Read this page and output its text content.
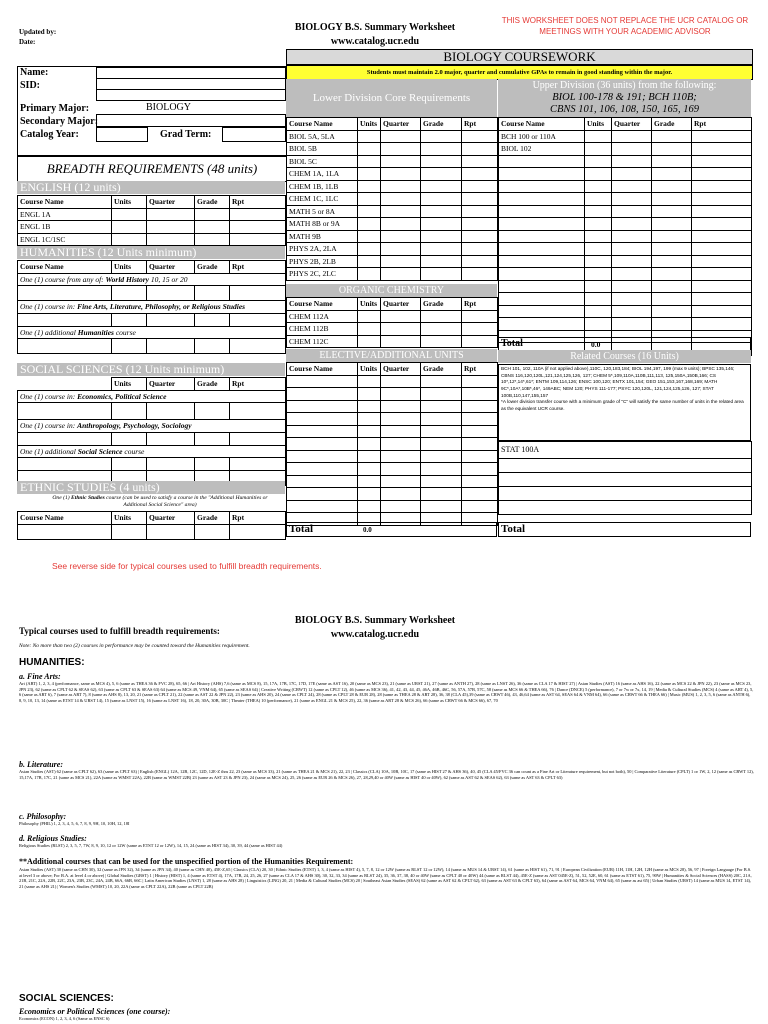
Updated by:
Date:
BIOLOGY B.S. Summary Worksheet
www.catalog.ucr.edu
THIS WORKSHEET DOES NOT REPLACE THE UCR CATALOG OR MEETINGS WITH YOUR ACADEMIC ADVISOR
BIOLOGY COURSEWORK
Students must maintain 2.0 major, quarter and cumulative GPAs to remain in good standing within the major.
Name:
SID:
Primary Major:	BIOLOGY
Secondary Major:
Catalog Year:	Grad Term:
BREADTH REQUIREMENTS (48 units)
ENGLISH (12 units)
Course Name	Units	Quarter	Grade	Rpt
ENGL 1A				
ENGL 1B				
ENGL 1C/1SC				
HUMANITIES (12 Units minimum)
Course Name	Units	Quarter	Grade	Rpt
One (1) course from any of: World History 10, 15 or 20				

One (1) course in: Fine Arts, Literature, Philosophy, or Religious Studies				

One (1) additional Humanities course				

SOCIAL SCIENCES (12 Units minimum)
	Units	Quarter	Grade	Rpt
One (1) course in: Economics, Political Science				

One (1) course in: Anthropology, Psychology, Sociology				

One (1) additional Social Science course				

ETHNIC STUDIES (4 units)
One (1) Ethnic Studies course (can be used to satisfy a course in the "Additional Humanities or Additional Social Science" area)
Course Name	Units	Quarter	Grade	Rpt

Lower Division Core Requirements
Course Name	Units	Quarter	Grade	Rpt
BIOL 5A, 5LA				
BIOL 5B				
BIOL 5C				
CHEM 1A, 1LA				
CHEM 1B, 1LB				
CHEM 1C, 1LC				
MATH 5 or 8A				
MATH 8B or 9A				
MATH 9B				
PHYS 2A, 2LA				
PHYS 2B, 2LB				
PHYS 2C, 2LC				
ORGANIC CHEMISTRY
Course Name	Units	Quarter	Grade	Rpt
CHEM 112A				
CHEM 112B				
CHEM 112C				
ELECTIVE/ADDITIONAL UNITS
Course Name	Units	Quarter	Grade	Rpt

Total	0.0
Upper Division (36 units) from the following:
BIOL 100-178 & 191; BCH 110B;
CBNS 101, 106, 108, 150, 165, 169
Course Name	Units	Quarter	Grade	Rpt
BCH 100 or 110A				
BIOL 102				

Total	0.0
Related Courses (16 Units)
BCH 101, 102, 110A (if not applied above),110C, 120,183,184; BIOL 194,197, 199 (max 9 units); BPSC 135,146; CBNS 116,120,120L,121,124,125,126, 127; CHEM 5*,109,110A,110B,111,113, 125,150A,150B,166; CS 10*,12*,14*,61*; ENTM 109,114,126; ENSC 100,120; ENTX 101,154; GEO 151,153,167,168,169; MATH 9C*,10A*,10B*,46*, 149ABC; NEM 120; PHYS 111-177; PSYC 120,120L, 121,124,125,126, 127; STAT 100B,110,147,155,157
*A lower division transfer course with a minimum grade of "C" will satisfy the same number of units in the related area as the equivalent UCR course.
STAT 100A

Total
See reverse side for typical courses used to fulfill breadth requirements.
BIOLOGY B.S. Summary Worksheet
www.catalog.ucr.edu
Typical courses used to fulfill breadth requirements:
Note: No more than two (2) courses in performance may be counted toward the Humanities requirement.
HUMANITIES:
a. Fine Arts:
Art (ART) 1, 2, 3, 4 (performance, same as MCS 4), 5, 6 (same as THEA 36 & FVC 28), 65, 66 | Art History (AHS) 7,6 (same as MCS 8), 15, 17A, 17B, 17C, 17D, 17E (same as AST 16), 20 (same as MCS 23), 21 (same as URST 21), 27 (same as ANTH 27), 28 (same as LNST 26), 36 (same as CLA 17 & HIST 27) | Asian Studies (AST) 16 (same as AHS 16), 22 (same as MCS 22 & JPN 22), 23 (same as MCS 23, JPN 23), 62 (same as CPLT 62 & SEAS 62), 63 (same as CPLT 63 & SEAS 63) 64 (same as MCS 49, VNM 64), 65 (same as SEAS 64) | Creative Writing (CRWT) 12 (same as CPLT 12), 46 (same as MCS 36), 41, 42, 43, 44, 45, 46A, 46B, 46C, 56, 57A, 57B, 57C, 58 (same as MCS 66 & THEA 66), 76 | Dance (DNCE) 5 (performance), 7 or 7w or 7x, 14, 19 | Media & Cultural Studies (MCS) 4 (same as ART 4), 5, 6 (same as ART 6), 7 (same as ART 7), 8 (same as AHS 8), 13, 20, 21 (same as CPLT 21), 22 (same as AST 22 & JPN 22), 23 (same as AHS 20), 24 (same as CPLT 24), 28 (same as CPLT 28 & EUR 28), 28 (same as THEA 28 & ART 28), 36, 38 (CLA 45),39 (same as CRWT 46), 43, 46,64 (same as AST 64, SEAS 64 & VNM 64), 66 (same as CRWT 66 & THEA 66) | Music (MUS) 1, 2, 3, 5, 6 (same as ANTH 6), 8, 9, 10, 13, 14 (same as ETST 14 & URST 14), 15 (same as LNST 15), 16 (same as LNST 16), 18, 20, 30A, 30B, 30C | Theater (THEA) 10 (performance), 21 (same as ENGL 21 & MCS 25), 22, 36 (same as ART 28 & MCS 26), 66 (same as CRWT 66 & MCS 66), 67, 70
b. Literature:
Asian Studies (AST) 62 (same as CPLT 62), 63 (same as CPLT 63) | English (ENGL) 12A, 12B, 12C, 12D, 12E-Z thru 22, 23 (same as MCS 33), 21 (same as THEA 21 & MCS 21), 22, 23 | Classics (CLA) 10A, 10B, 10C, 17 (same as HIST 27 & AHS 36), 40, 45 (CLA 45/FVC 36 can count as a Fine Art or Literature requirement, but not both), 50 | Comparative Literature (CPLT) 1 or 1W, 2, 12 (same as CRWT 12), 15,17A, 17B, 17C, 21 (same as MCS 21), 22A (same as WMST 22A), 22B (same as WMST 22B) 23 (same as AST 23 & JPN 23), 24 (same as MCS 24), 25, 26 (same as EUR 26 & MCS 26), 27, 28,29,40 or 40W (same as HIST 40 or 40W), 62 (same as AST 62 & SEAS 62), 63 (same as AST 63 & CPLT 63)
c. Philosophy:
Philosophy (PHIL) 1, 2, 3, 4, 5, 6, 7, 8, 9, 9H, 10, 10H, 12, 18I
d. Religious Studies:
Religious Studies (RLST) 2, 3, 5, 7, 7W, 8, 9, 10, 12 or 12W (same as ETST 12 or 12W), 14, 15, 24 (same as HIST 34), 30, 39, 44 (same as HIST 44)
**Additional courses that can be used for the unspecified portion of the Humanities Requirement:
Asian Studies (AST) 30 (same as CHN 30), 32 (same as JPN 32), 34 (same as JPN 34), 40 (same as CHN 40), 45E-Z,65 | Classics (CLA) 20, 30 | Ethnic Studies (ETST) 1, 3, 4 (same as HIST 4), 5, 7, 8, 12 or 12W (same as RLST 12 or 12W), 14 (same as MUS 14 & URST 14), 61 (same as HIST 61), 71, 91 | European Civilization (EUR) 11H, 11H, 12H, 12H (same as MCS 28), 56, 97 | Foreign Language (For B.S. at level 3 or above; For B.A. at level 4 or above) | Global Studies (GBST) 1 | History (HIST) 1, 4 (same as ETST 4), 17A, 17B, 24, 25, 26, 27 (same as CLA 17 & AHS 30), 30, 32, 33, 34 (same as RLST 24), 35, 36, 37, 38, 40 or 40W (same as CPLT 40 or 40W) 44 (same as RLST 44), 45E-Z (same as AST 045E-Z), 51, 52, 52E, 60, 61 (same as ETST 61), 75, 90W | Humanities & Social Sciences (HASS) 20C, 21A, 21B, 21C, 22A, 22B, 22C, 23A, 23B, 23C, 24A, 24B, 66A, 66B, 66C | Latin American Studies (LNST) 1, 28 (same as AHS 28) | Linguistics (LING) 20, 21 | Media & Cultural Studies (MCS) 20 | Southeast Asian Studies (SEAS) 62 (same as AST 62 & CPLT 62), 63 (same as AST 63 & CPLT 63), 64 (same as AST 64, MCS 64, VNM 64), 65 (same as ast 65) | Urban Studies (URST) 14 (same as MUS 14, ETST 14), 21 (same as AHS 21) | Women's Studies (WMST) 10, 20, 22A (same as CPLT 22A), 22B (same as CPLT 22B)
SOCIAL SCIENCES:
Economics or Political Sciences (one course):
Economics (ECON) 1, 2, 3, 4, 6 (Same as ENSC 6)
